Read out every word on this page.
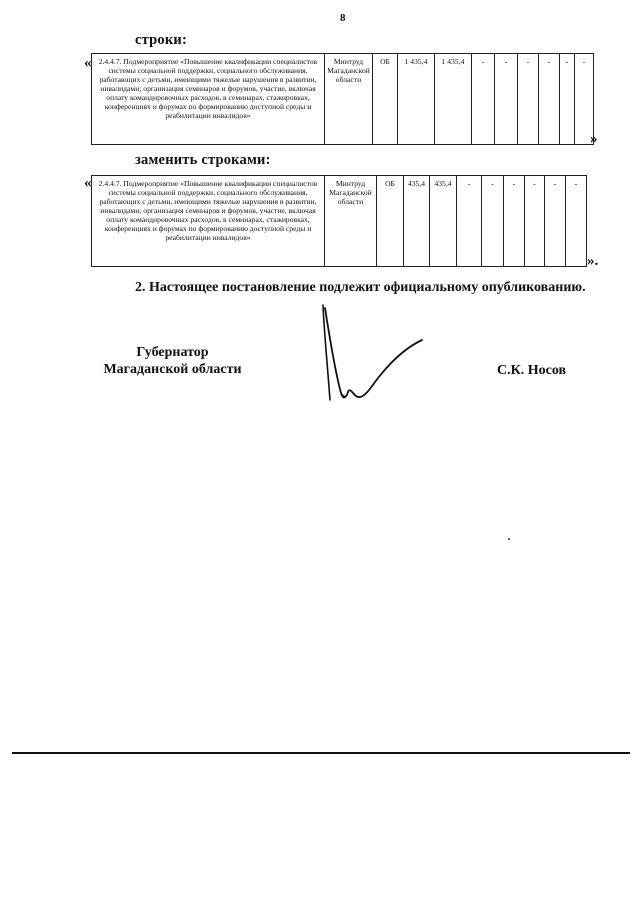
8
строки:
« 2.4.4.7. Подмероприятие «Повышение квалификации специалистов системы социальной поддержки, социального обслуживания, работающих с детьми, имеющими тяжелые нарушения в развитии, инвалидами; организация семинаров и форумов, участие, включая оплату командировочных расходов, в семинарах, стажировках, конференциях и форумах по формированию доступной среды и реабилитации инвалидов»	Минтруд Магаданской области	ОБ	1 435,4	1 435,4	-	-	-	-	-	-
»
заменить строками:
« 2.4.4.7. Подмероприятие «Повышение квалификации специалистов системы социальной поддержки, социального обслуживания, работающих с детьми, имеющими тяжелые нарушения в развитии, инвалидами; организация семинаров и форумов, участие, включая оплату командировочных расходов, в семинарах, стажировках, конференциях и форумах по формированию доступной среды и реабилитации инвалидов»	Минтруд Магаданской области	ОБ	435,4	435,4	-	-	-	-	-	-
».
2. Настоящее постановление подлежит официальному опубликованию.
Губернатор
Магаданской области	С.К. Носов
